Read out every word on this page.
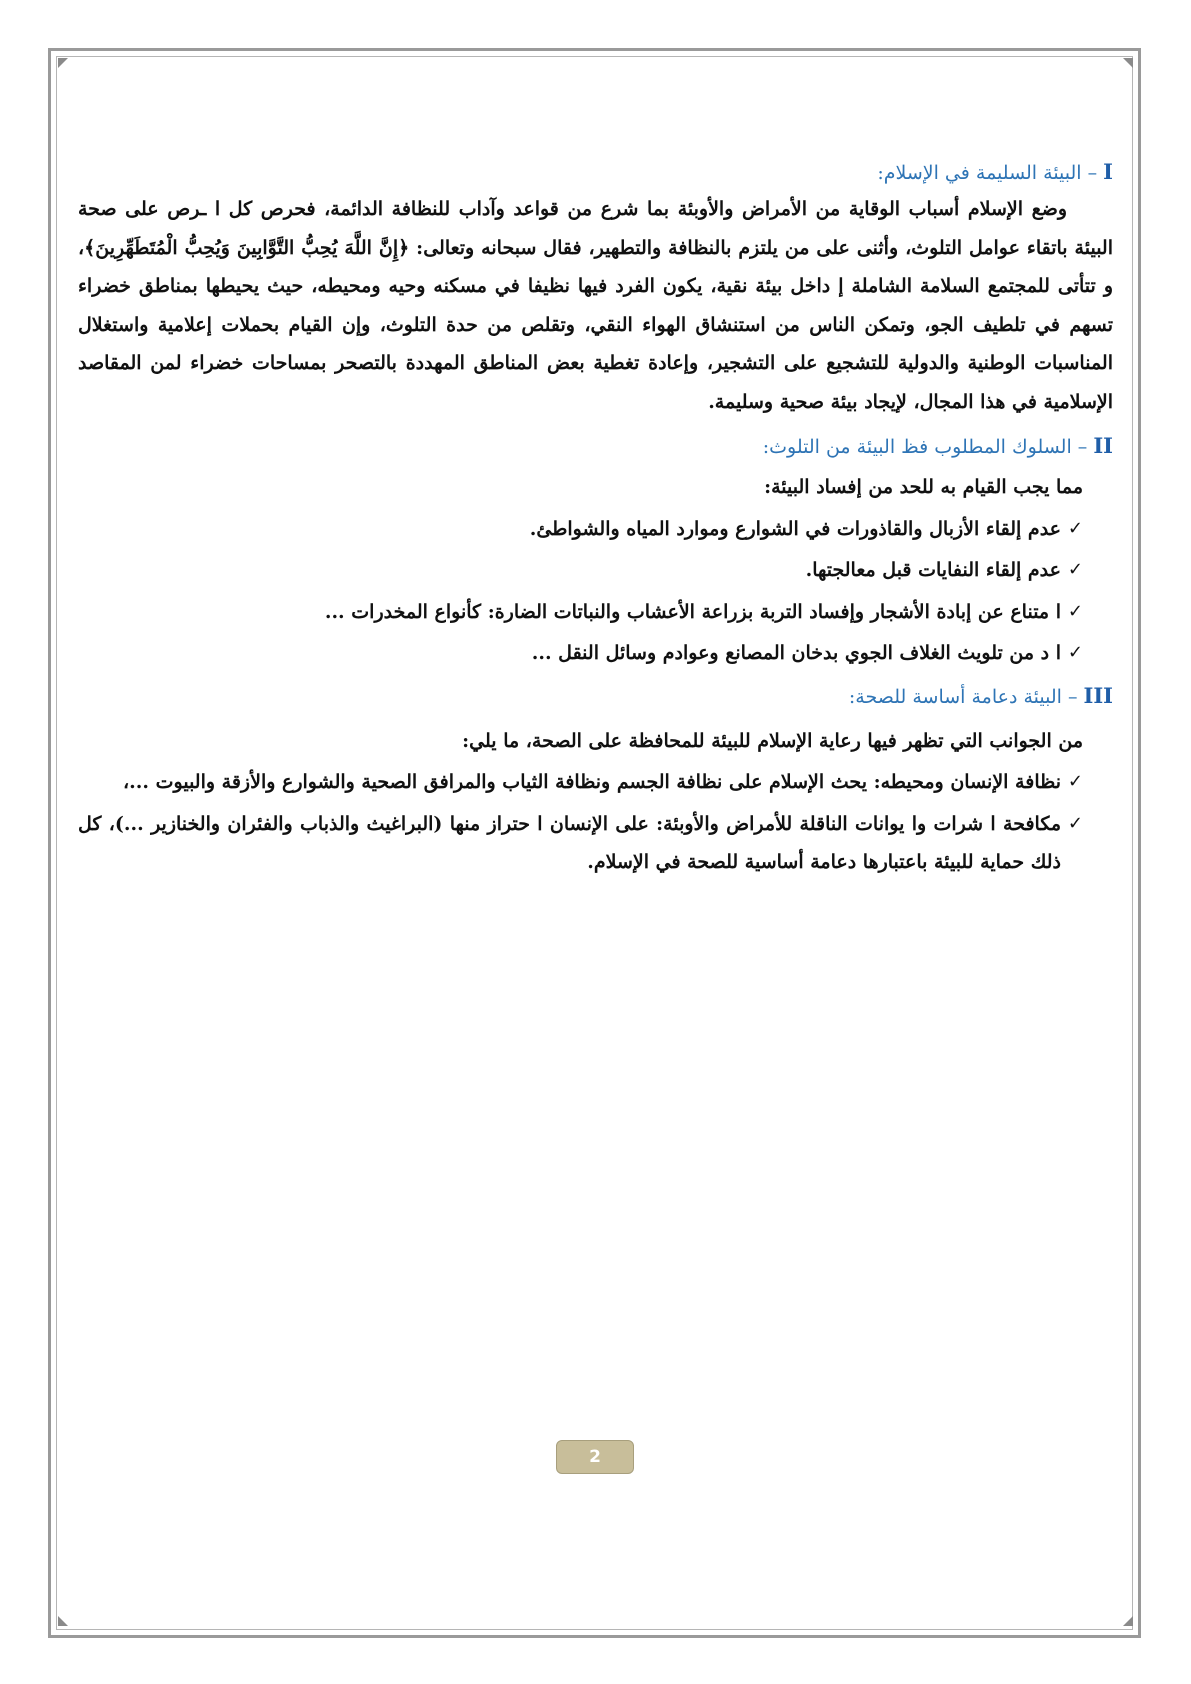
I – البيئة السليمة في الإسلام:

وضع الإسلام أسباب الوقاية من الأمراض والأوبئة بما شرع من قواعد وآداب للنظافة الدائمة، فحرص كل ا ـرص على صحة البيئة باتقاء عوامل التلوث، وأثنى على من يلتزم بالنظافة والتطهير، فقال سبحانه وتعالى: ﴿إِنَّ اللَّهَ يُحِبُّ التَّوَّابِينَ وَيُحِبُّ الْمُتَطَهِّرِينَ﴾، و تتأتى للمجتمع السلامة الشاملة إ داخل بيئة نقية، يكون الفرد فيها نظيفا في مسكنه وحيه ومحيطه، حيث يحيطها بمناطق خضراء تسهم في تلطيف الجو، وتمكن الناس من استنشاق الهواء النقي، وتقلص من حدة التلوث، وإن القيام بحملات إعلامية واستغلال المناسبات الوطنية والدولية للتشجيع على التشجير، وإعادة تغطية بعض المناطق المهددة بالتصحر بمساحات خضراء لمن المقاصد الإسلامية في هذا المجال، لإيجاد بيئة صحية وسليمة.

II – السلوك المطلوب فظ البيئة من التلوث:

مما يجب القيام به للحد من إفساد البيئة:

✓
عدم إلقاء الأزبال والقاذورات في الشوارع وموارد المياه والشواطئ.
✓
عدم إلقاء النفايات قبل معالجتها.
✓
ا متناع عن إبادة الأشجار وإفساد التربة بزراعة الأعشاب والنباتات الضارة: كأنواع المخدرات ...
✓
ا د من تلويث الغلاف الجوي بدخان المصانع وعوادم وسائل النقل ...
III – البيئة دعامة أساسة للصحة:

من الجوانب التي تظهر فيها رعاية الإسلام للبيئة للمحافظة على الصحة، ما يلي:

✓
نظافة الإنسان ومحيطه: يحث الإسلام على نظافة الجسم ونظافة الثياب والمرافق الصحية والشوارع والأزقة والبيوت ...،
✓
مكافحة ا شرات وا يوانات الناقلة للأمراض والأوبئة: على الإنسان ا حتراز منها (البراغيث والذباب والفئران والخنازير ...)، كل ذلك حماية للبيئة باعتبارها دعامة أساسية للصحة في الإسلام.
2
